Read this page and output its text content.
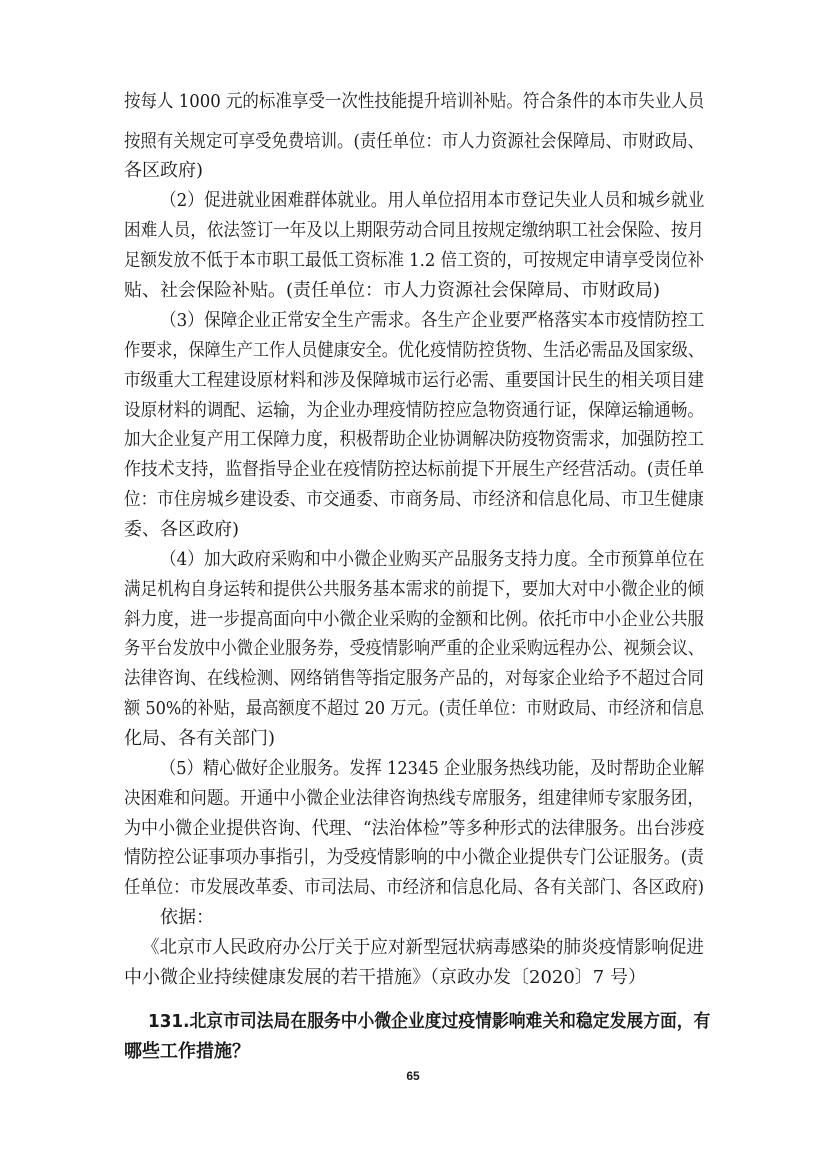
按每人 1000 元的标准享受一次性技能提升培训补贴。符合条件的本市失业人员
按照有关规定可享受免费培训。(责任单位：市人力资源社会保障局、市财政局、
各区政府)
（2）促进就业困难群体就业。用人单位招用本市登记失业人员和城乡就业
困难人员，依法签订一年及以上期限劳动合同且按规定缴纳职工社会保险、按月
足额发放不低于本市职工最低工资标准 1.2 倍工资的，可按规定申请享受岗位补
贴、社会保险补贴。(责任单位：市人力资源社会保障局、市财政局)
（3）保障企业正常安全生产需求。各生产企业要严格落实本市疫情防控工
作要求，保障生产工作人员健康安全。优化疫情防控货物、生活必需品及国家级、
市级重大工程建设原材料和涉及保障城市运行必需、重要国计民生的相关项目建
设原材料的调配、运输，为企业办理疫情防控应急物资通行证，保障运输通畅。
加大企业复产用工保障力度，积极帮助企业协调解决防疫物资需求，加强防控工
作技术支持，监督指导企业在疫情防控达标前提下开展生产经营活动。(责任单
位：市住房城乡建设委、市交通委、市商务局、市经济和信息化局、市卫生健康
委、各区政府)
（4）加大政府采购和中小微企业购买产品服务支持力度。全市预算单位在
满足机构自身运转和提供公共服务基本需求的前提下，要加大对中小微企业的倾
斜力度，进一步提高面向中小微企业采购的金额和比例。依托市中小企业公共服
务平台发放中小微企业服务券，受疫情影响严重的企业采购远程办公、视频会议、
法律咨询、在线检测、网络销售等指定服务产品的，对每家企业给予不超过合同
额 50%的补贴，最高额度不超过 20 万元。(责任单位：市财政局、市经济和信息
化局、各有关部门)
（5）精心做好企业服务。发挥 12345 企业服务热线功能，及时帮助企业解
决困难和问题。开通中小微企业法律咨询热线专席服务，组建律师专家服务团，
为中小微企业提供咨询、代理、“法治体检”等多种形式的法律服务。出台涉疫
情防控公证事项办事指引，为受疫情影响的中小微企业提供专门公证服务。(责
任单位：市发展改革委、市司法局、市经济和信息化局、各有关部门、各区政府)
依据：
《北京市人民政府办公厅关于应对新型冠状病毒感染的肺炎疫情影响促进
中小微企业持续健康发展的若干措施》（京政办发〔2020〕7 号）
131.北京市司法局在服务中小微企业度过疫情影响难关和稳定发展方面，有
哪些工作措施？
65
